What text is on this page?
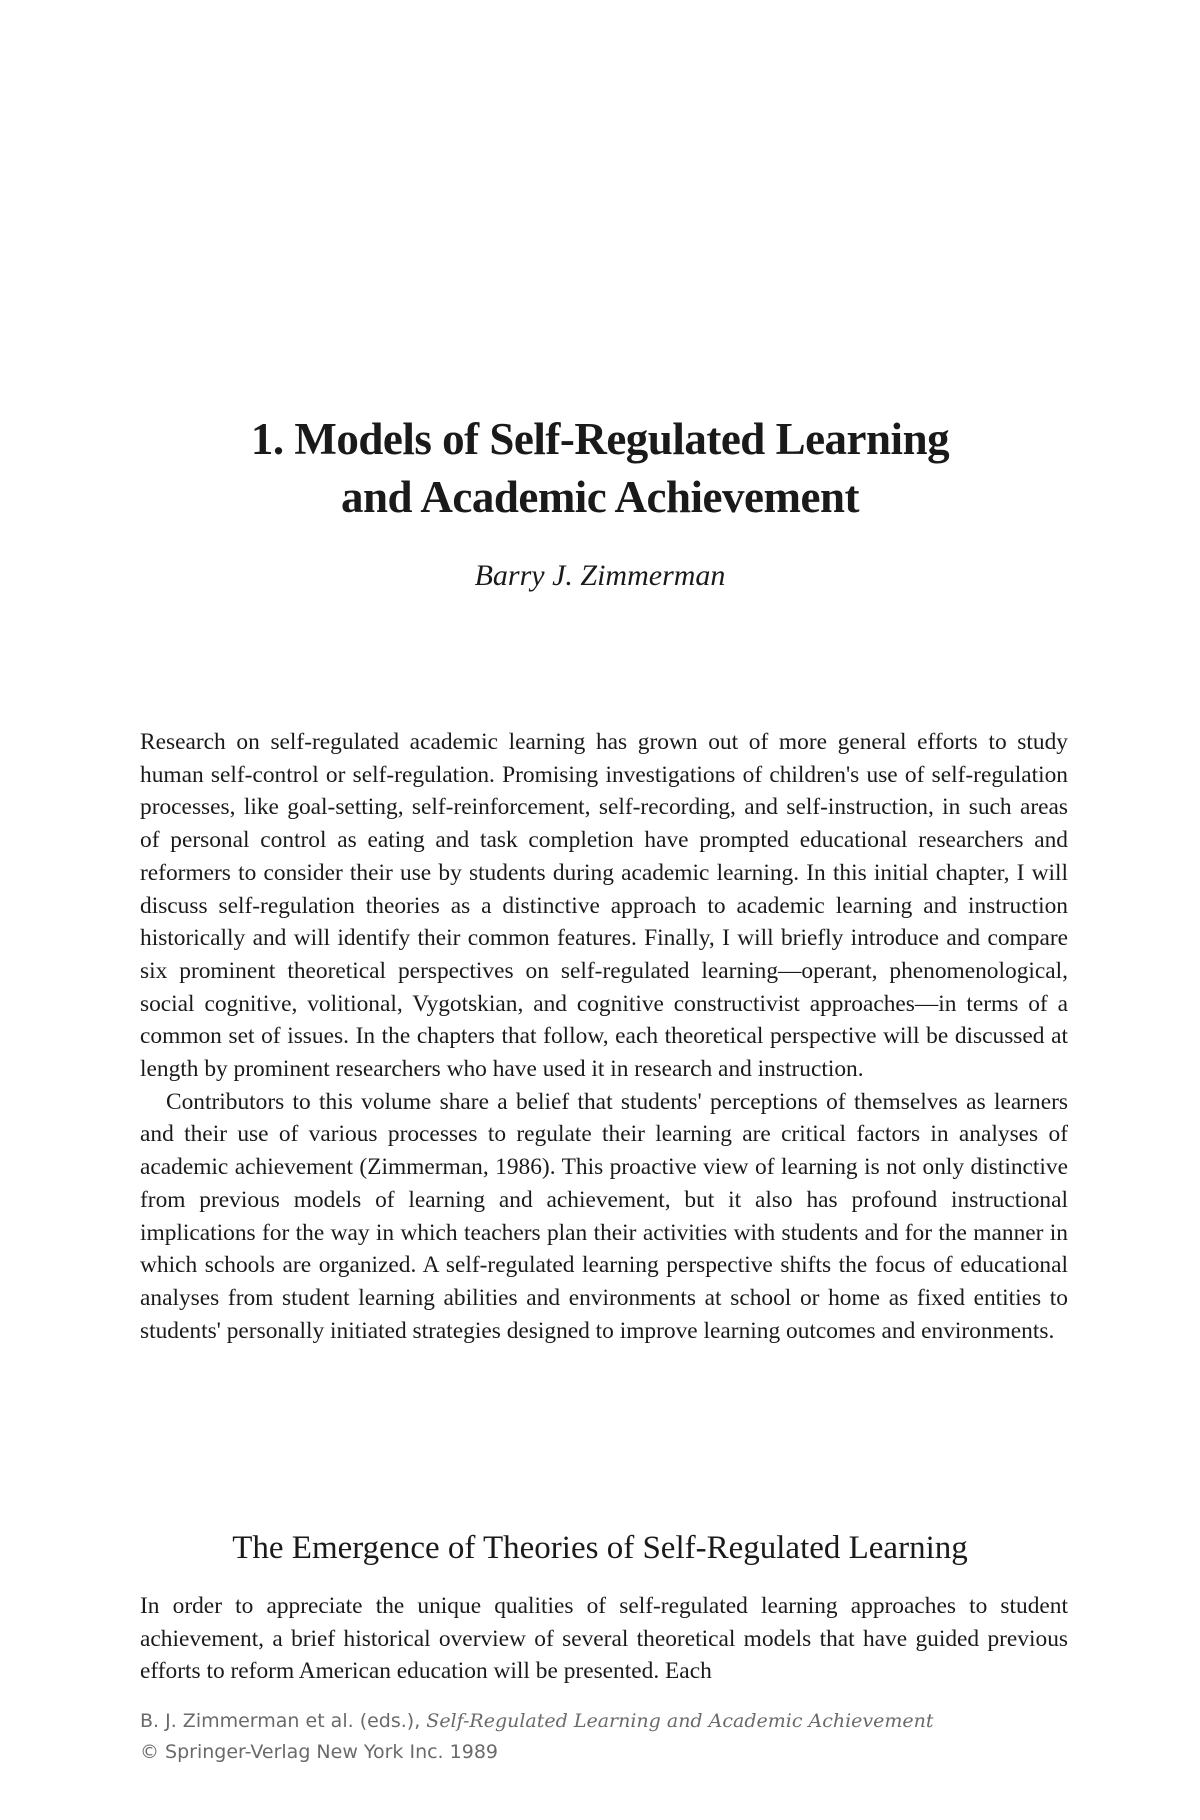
1. Models of Self-Regulated Learning
and Academic Achievement

Barry J. Zimmerman

Research on self-regulated academic learning has grown out of more general efforts to study human self-control or self-regulation. Promising investigations of children's use of self-regulation processes, like goal-setting, self-reinforcement, self-recording, and self-instruction, in such areas of personal control as eating and task completion have prompted educational researchers and reformers to consider their use by students during academic learning. In this initial chapter, I will discuss self-regulation theories as a distinctive approach to academic learning and instruction historically and will identify their common features. Finally, I will briefly introduce and compare six prominent theoretical perspectives on self-regulated learning—operant, phenomenological, social cognitive, volitional, Vygotskian, and cognitive constructivist approaches—in terms of a common set of issues. In the chapters that follow, each theoretical perspective will be discussed at length by prominent researchers who have used it in research and instruction.

Contributors to this volume share a belief that students' perceptions of themselves as learners and their use of various processes to regulate their learning are critical factors in analyses of academic achievement (Zimmerman, 1986). This proactive view of learning is not only distinctive from previous models of learning and achievement, but it also has profound instructional implications for the way in which teachers plan their activities with students and for the manner in which schools are organized. A self-regulated learning perspective shifts the focus of educational analyses from student learning abilities and environments at school or home as fixed entities to students' personally initiated strategies designed to improve learning outcomes and environments.

The Emergence of Theories of Self-Regulated Learning

In order to appreciate the unique qualities of self-regulated learning approaches to student achievement, a brief historical overview of several theoretical models that have guided previous efforts to reform American education will be presented. Each

B. J. Zimmerman et al. (eds.), Self-Regulated Learning and Academic Achievement
© Springer-Verlag New York Inc. 1989
